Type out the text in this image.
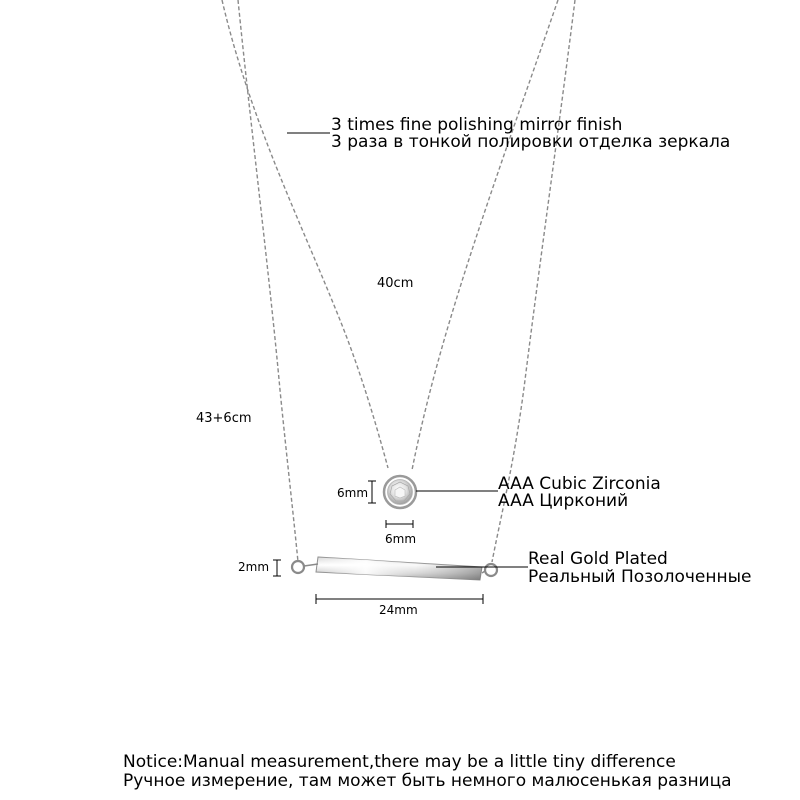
3 times fine polishing mirror finish
3 раза в тонкой полировки отделка зеркала
40cm
43+6cm
AAA Cubic Zirconia
AAA Цирконий
6mm
6mm
Real Gold Plated
Реальный Позолоченные
2mm
24mm
Notice:Manual measurement,there may be a little tiny difference
Ручное измерение, там может быть немного малюсенькая разница
